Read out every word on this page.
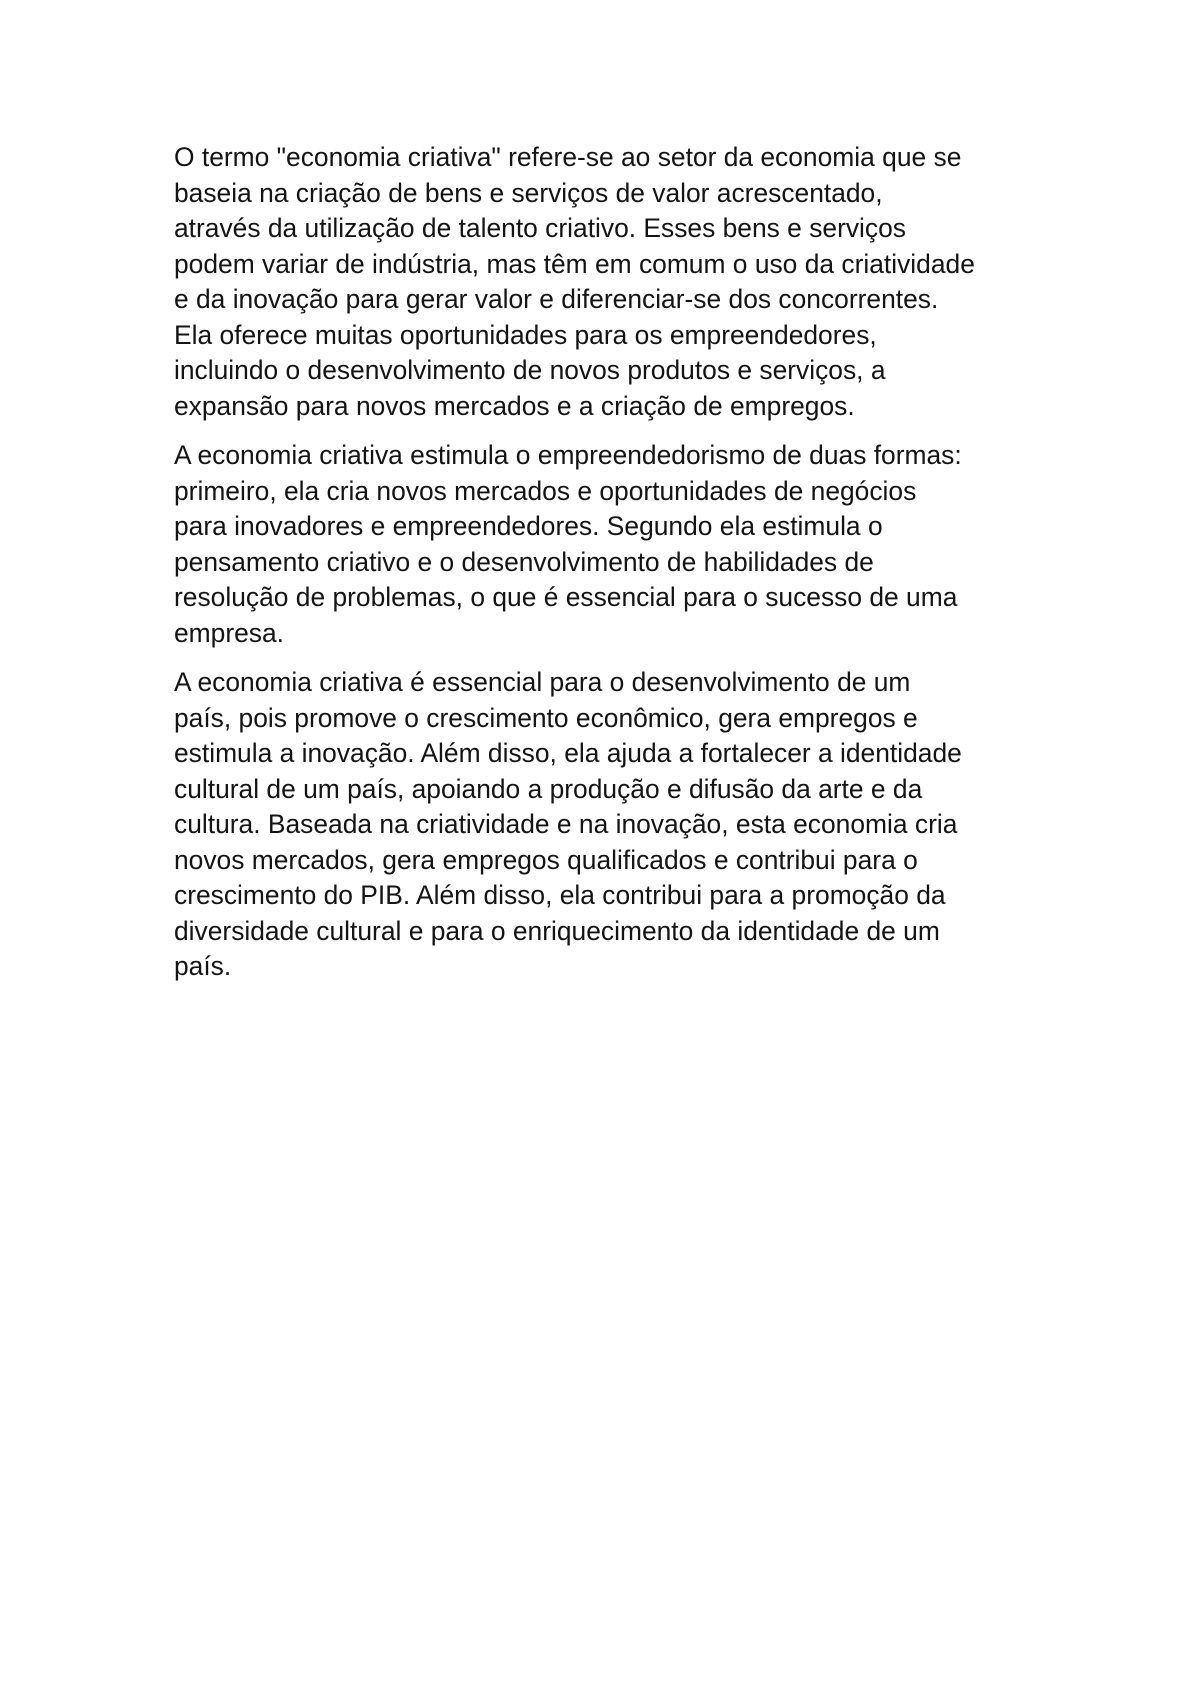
O termo "economia criativa" refere-se ao setor da economia que se
baseia na criação de bens e serviços de valor acrescentado,
através da utilização de talento criativo. Esses bens e serviços
podem variar de indústria, mas têm em comum o uso da criatividade
e da inovação para gerar valor e diferenciar-se dos concorrentes.
Ela oferece muitas oportunidades para os empreendedores,
incluindo o desenvolvimento de novos produtos e serviços, a
expansão para novos mercados e a criação de empregos.

A economia criativa estimula o empreendedorismo de duas formas:
primeiro, ela cria novos mercados e oportunidades de negócios
para inovadores e empreendedores. Segundo ela estimula o
pensamento criativo e o desenvolvimento de habilidades de
resolução de problemas, o que é essencial para o sucesso de uma
empresa.

A economia criativa é essencial para o desenvolvimento de um
país, pois promove o crescimento econômico, gera empregos e
estimula a inovação. Além disso, ela ajuda a fortalecer a identidade
cultural de um país, apoiando a produção e difusão da arte e da
cultura. Baseada na criatividade e na inovação, esta economia cria
novos mercados, gera empregos qualificados e contribui para o
crescimento do PIB. Além disso, ela contribui para a promoção da
diversidade cultural e para o enriquecimento da identidade de um
país.
